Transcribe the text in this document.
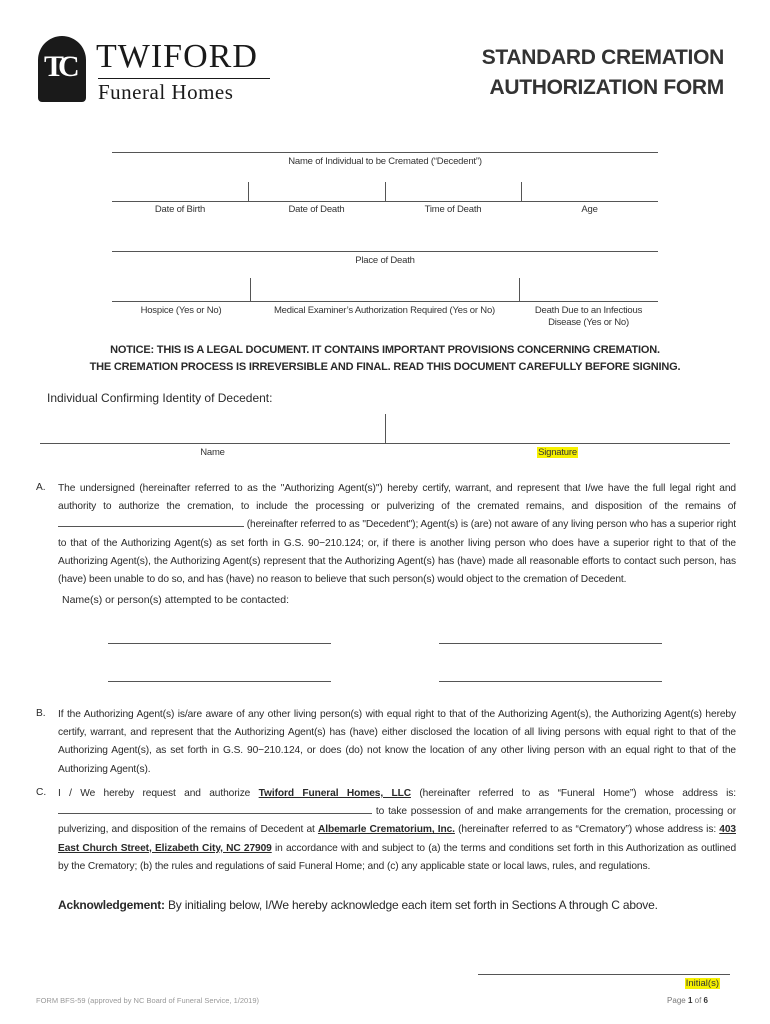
TC TWIFORD
Funeral Homes
STANDARD CREMATION
AUTHORIZATION FORM
Name of Individual to be Cremated (“Decedent”)
Date of Birth	Date of Death	Time of Death	Age
Place of Death
Hospice (Yes or No)	Medical Examiner’s Authorization Required (Yes or No)	Death Due to an Infectious
Disease (Yes or No)
NOTICE: THIS IS A LEGAL DOCUMENT. IT CONTAINS IMPORTANT PROVISIONS CONCERNING CREMATION.
THE CREMATION PROCESS IS IRREVERSIBLE AND FINAL. READ THIS DOCUMENT CAREFULLY BEFORE SIGNING.
Individual Confirming Identity of Decedent:
Name	Signature
A. The undersigned (hereinafter referred to as the "Authorizing Agent(s)") hereby certify, warrant, and represent that I/we have the full legal right and authority to authorize the cremation, to include the processing or pulverizing of the cremated remains, and disposition of the remains of  (hereinafter referred to as "Decedent"); Agent(s) is (are) not aware of any living person who has a superior right to that of the Authorizing Agent(s) as set forth in G.S. 90−210.124; or, if there is another living person who does have a superior right to that of the Authorizing Agent(s), the Authorizing Agent(s) represent that the Authorizing Agent(s) has (have) made all reasonable efforts to contact such person, has (have) been unable to do so, and has (have) no reason to believe that such person(s) would object to the cremation of Decedent.
Name(s) or person(s) attempted to be contacted:
B. If the Authorizing Agent(s) is/are aware of any other living person(s) with equal right to that of the Authorizing Agent(s), the Authorizing Agent(s) hereby certify, warrant, and represent that the Authorizing Agent(s) has (have) either disclosed the location of all living persons with equal right to that of the Authorizing Agent(s), as set forth in G.S. 90−210.124, or does (do) not know the location of any other living person with an equal right to that of the Authorizing Agent(s).
C. I / We hereby request and authorize Twiford Funeral Homes, LLC (hereinafter referred to as “Funeral Home”) whose address is:  to take possession of and make arrangements for the cremation, processing or pulverizing, and disposition of the remains of Decedent at Albemarle Crematorium, Inc. (hereinafter referred to as “Crematory”) whose address is: 403 East Church Street, Elizabeth City, NC 27909 in accordance with and subject to (a) the terms and conditions set forth in this Authorization as outlined by the Crematory; (b) the rules and regulations of said Funeral Home; and (c) any applicable state or local laws, rules, and regulations.
Acknowledgement: By initialing below, I/We hereby acknowledge each item set forth in Sections A through C above.
Initial(s)
FORM BFS-59 (approved by NC Board of Funeral Service, 1/2019)	Page 1 of 6
